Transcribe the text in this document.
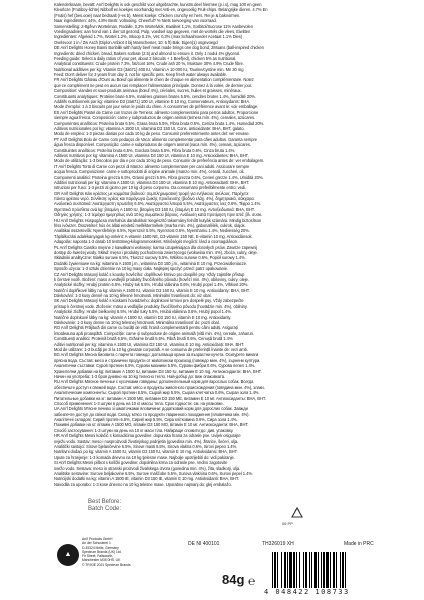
Kalenderkraam, bevatt: Ani'l Delights is ook geschikt voor uitgebrachte, kunstm.deel hiermee (p.i.s), mag 100 en geen
Kleurloze (Frutiboy-lichte) Nibbolf en koekjes voorhandig met Anti-en, ongevoelig Fruit-chips. Belangrijke dieren. 4.7% En
(Frutis) hef (bes.ooie) naar bedraalt (r-es b). Meest koekje: Chicken crunchy en hers. Rei je & bakvormen.
Naar ingrediënten: 44%, 4.8% Bestr. voltooiing. Cheerful? % Niets toevoeging van voorraad.
Samenstelling: 2-8g/kvn Wortelman, Rodalle, 0,3% Wortelvlok, Kwaliteit 1,1%, Sorbitol/Sucrose 11% Aanbevolen
Voedingsadvies: aan hond van 1 dier tot gezond, Pulp, voedsel sap gegeven, met de wortels die vlees, Eiwitten
Ingrediënten: Afgeleid 1.7%, Wortel 1.2%, Inkoop 0.1%, Vet: 0,3% (max Schaalmoeder Acetaat 1.1% Dies)
Ovelsvoor 1 in / Zw Asch (Diplon Anbiot 4 bij Manschester, 10: 6 ft) Bak. Eigen(1) ongevoegd
DE Ani'l Delights Honey Banni Bonbilik with hardy beef meat made brings one dog bond, 2Moans (ball-inspired chicken
Ingredients: dried chicken, bread, Bakers sorbate (2.5) and almond to ensure it. Only 1 nodul 4% glycerol.
Feeding guide: Select a daily ration of your pet, about 2 biscuits + 1 Beef(ed), chicken 5% as nutritional.
Analytical constituents: Crude protein 7.3%, fat/cont 16%, Crude ash 20 %, Moisture 30% 4.9% Crude fibre.
Nutritional additives per kg: Vitamin D3 (3a671) 400 IU, Vitamin A 10 000 IU, Taurine/cystine min. Mn 30 mg
Feed: Don't deliver for 3 years from day 3, not for specific pets. Keep fresh water always available.
FR Ani'l Delights Gâteau d'Ours au Bœuf qui alimente le chien de chaque en alimentation complémentaire. Notez
que ce complément ne peut en aucun cas remplacer l'alimentation principale. Donnez à la volée, de dernier jour.
Composition: viandes et sous-produits animaux (bœuf 4%), céréales, sucres, huiles et graisses, minéraux.
Constituants analytiques: Protéine brute 6.5%, matières grasses brutes 5.5%, cendres brutes 1.4%, humidité 20%.
Additifs nutritionnels par kg: vitamine D3 (3a671) 100 UI, vitamine E 10 mg, Conservateurs, Antioxydants: BHA.
Mode d'emploi: 1 à 3 biscuits par jour selon le poids du chien. À consommer de préférence avant le: voir emballage.
ES Ani'l Delights Pastel de Carne con trozos de Ternera: alimento complementario para perros adultos. Proporcione
siempre agua fresca. Composición: carne y subproductos de origen animal (ternera mín. 4%), cereales, azúcares.
Componentes analíticos: Proteína bruta 6.5%, Grasa bruta 5.5%, Fibra bruta 0.6%, Ceniza bruta 1.4%, Humedad 20%.
Aditivos nutricionales por kg: vitamina A 1500 UI, vitamina D3 150 UI, Cons. antioxidante: BHA, BHT, galato.
Modo de empleo: 1-3 piezas diarias por cada 10 kg de peso. Consumir preferentemente antes del: ver envase.
PT Ani'l Delights Bolo de Carne com pedaços de Vaca: alimento complementar para cães adultos. Garanta sempre
água fresca disponível. Composição: carne e subprodutos de origem animal (vaca mín. 4%), cereais, açúcares.
Constituintes analíticos: Proteína bruta 6.5%, Gordura bruta 5.5%, Fibra bruta 0.6%, Cinza bruta 1.4%.
Aditivos nutritivos por kg: vitamina A 1500 UI, vitamina D3 150 UI, vitamina E 10 mg. Antioxidantes: BHA, BHT.
Modo de utilização: 1-3 biscoitos por dia e por cada 10 kg de peso. Consumir de preferência antes de: ver embalagem.
IT Ani'l Delights Torta di Carne con pezzi di Manzo: alimento complementare per cani adulti. Assicurare sempre
acqua fresca. Composizione: carne e sottoprodotti di origine animale (manzo min. 4%), cereali, zuccheri, oli.
Componenti analitici: Proteina grezza 6.5%, Grassi grezzi 5.5%, Fibra grezza 0.6%, Ceneri grezze 1.4%, Umidità 20%.
Additivi nutrizionali per kg: vitamina A 1500 UI, vitamina D3 150 UI, vitamina E 10 mg. Antiossidanti: BHA, BHT.
Istruzioni per l'uso: 1-3 pezzi al giorno per 10 kg di peso corporeo. Da consumarsi preferibilmente entro: vedi.
GR Ani'l Delights Κέικ κρέατος με κομμάτια βοδινού: συμπληρωματική τροφή για ενήλικους σκύλους. Παρέχετε
πάντα φρέσκο νερό. Σύνθεση: κρέας και παράγωγα ζωικής προέλευσης (βοδινό ελάχ. 4%), δημητριακά, σάκχαρα.
Αναλυτικά συστατικά: Ακατέργαστη πρωτεΐνη 6.5%, Ακατέργαστα λιπαρά 5.5%, Ακατέργαστες ίνες 0.6%, Τέφρα 1.4%.
Θρεπτικά πρόσθετα ανά kg: βιταμίνη A 1500 IU, βιταμίνη D3 150 IU, βιταμίνη E 10 mg. Αντιοξειδωτικά: BHA, BHT.
Οδηγίες χρήσης: 1-3 τεμάχια ημερησίως ανά 10 kg σωματικού βάρους. Ανάλωση κατά προτίμηση πριν από: βλ. συσκ.
HU Ani'l Delights Húspogácsa marhahús darabokkal: kiegészítő takarmány felnőtt kutyák számára. Mindig biztosítson
friss ivóvizet. Összetétel: hús és állati eredetű melléktermékek (marha min. 4%), gabonafélék, cukrok, olajok.
Analitikai összetevők: Nyersfehérje 6.5%, Nyerszsír 5.5%, Nyersrost 0.6%, Nyershamu 1.4%, Nedvesség 20%.
Táplálkozási adalékanyagok kg-onként: A-vitamin 1500 NE, D3-vitamin 150 NE, E-vitamin 10 mg. Antioxidánsok.
Adagolás: naponta 1-3 darab 10 testtömeg-kilogrammonként. Minőségét megőrzi: lásd a csomagoláson.
PL Ani'l Delights Ciastko mięsne z kawałkami wołowiny: karma uzupełniająca dla dorosłych psów. Zawsze zapewnij
dostęp do świeżej wody. Skład: mięso i produkty pochodzenia zwierzęcego (wołowina min. 4%), zboża, cukry, oleje.
Składniki analityczne: Białko surowe 6.5%, Tłuszcz surowy 5.5%, Włókno surowe 0.6%, Popiół surowy 1.4%.
Dodatki żywieniowe na kg: witamina A 1500 j.m., witamina D3 150 j.m., witamina E 10 mg. Przeciwutleniacze.
Sposób użycia: 1-3 sztuki dziennie na 10 kg masy ciała. Najlepiej spożyć przed: patrz opakowanie.
CZ Ani'l Delights Masový koláč s kousky hovězího: doplňkové krmivo pro dospělé psy. Vždy zajistěte přístup
k čerstvé vodě. Složení: maso a vedlejší produkty živočišného původu (hovězí min. 4%), obiloviny, cukry, oleje.
Analytické složky: Hrubý protein 6.5%, Hrubý tuk 5.5%, Hrubá vláknina 0.6%, Hrubý popel 1.4%, Vlhkost 20%.
Nutriční doplňkové látky na kg: vitamin A 1500 IU, vitamin D3 150 IU, vitamin E 10 mg. Antioxidanty: BHA, BHT.
Dávkování: 1-3 kusy denně na 10 kg tělesné hmotnosti. Minimální trvanlivost do: viz obal.
SK Ani'l Delights Mäsový koláč s kúskami hovädzieho: doplnkové krmivo pre dospelé psy. Vždy zabezpečte
prístup k čerstvej vode. Zloženie: mäso a vedľajšie produkty živočíšneho pôvodu (hovädzie min. 4%), obilniny.
Analytické zložky: Hrubé bielkoviny 6.5%, Hrubé tuky 5.5%, Hrubá vláknina 0.6%, Hrubý popol 1.4%.
Nutričné doplnkové látky na kg: vitamín A 1500 IU, vitamín D3 150 IU, vitamín E 10 mg. Antioxidanty.
Dávkovanie: 1-3 kusy denne na 10 kg telesnej hmotnosti. Minimálna trvanlivosť do: pozri obal.
RO Ani'l Delights Prăjitură din carne cu bucăți de vită: hrană complementară pentru câini adulți. Asigurați
întotdeauna apă proaspătă. Compoziție: carne și subproduse de origine animală (vită min. 4%), cereale, zaharuri.
Constituenți analitici: Proteină brută 6.5%, Grăsime brută 5.5%, Fibră brută 0.6%, Cenușă brută 1.4%.
Aditivi nutriționali per kg: vitamina A 1500 UI, vitamina D3 150 UI, vitamina E 10 mg. Antioxidanți: BHA, BHT.
Mod de utilizare: 1-3 bucăți pe zi la 10 kg greutate corporală. A se consuma de preferință înainte de: vezi amb.
BG Ani'l Delights Месна бисквита с парчета говеждо: допълваща храна за възрастни кучета. Осигурете винаги
прясна вода. Състав: месо и странични продукти от животински произход (говеждо мин. 4%), зърнени култури.
Аналитични съставки: Суров протеин 6.5%, Сурови мазнини 5.5%, Сурови фибри 0.6%, Сурова пепел 1.4%.
Хранителни добавки на kg: витамин A 1500 IU, витамин D3 150 IU, витамин E 10 mg. Антиоксиданти: BHA, BHT.
Начин на употреба: 1-3 броя дневно на 10 kg телесно тегло. Най-добър до: виж опаковката.
RU Ani'l Delights Мясное печенье с кусочками говядины: дополнительный корм для взрослых собак. Всегда
обеспечьте доступ к свежей воде. Состав: мясо и продукты животного происхождения (говядина мин. 4%), злаки.
Аналитические компоненты: Сырой протеин 6.5%, Сырой жир 5.5%, Сырая клетчатка 0.6%, Сырая зола 1.4%.
Питательные добавки на кг: витамин A 1500 МЕ, витамин D3 150 МЕ, витамин E 10 мг. Антиоксиданты: BHA, BHT.
Способ применения: 1-3 штуки в день на 10 кг массы тела. Срок годности: см. на упаковке.
UA Ani'l Delights М'ясне печиво зі шматочками яловичини: додатковий корм для дорослих собак. Завжди
забезпечте доступ до свіжої води. Склад: м'ясо та продукти тваринного походження (яловичина мін. 4%).
Аналітичні складові: Сирий протеїн 6.5%, Сирий жир 5.5%, Сира клітковина 0.6%, Сира зола 1.4%.
Поживні добавки на кг: вітамін A 1500 МО, вітамін D3 150 МО, вітамін E 10 мг. Антиоксиданти: BHA, BHT.
Спосіб застосування: 1-3 штуки на день на 10 кг маси тіла. Найкраще спожити до: див. упаковку.
HR Ani'l Delights Mesni kolačić s komadićima govedine: dopunska hrana za odrasle pse. Uvijek osigurajte
svježu vodu. Sastav: meso i nusproizvodi životinjskog podrijetla (govedina min. 4%), žitarice, šećeri, ulja.
Analitički sastojci: Sirove bjelančevine 6.5%, Sirove masti 5.5%, Sirova vlakna 0.6%, Sirovi pepeo 1.4%.
Nutritivni dodaci po kg: vitamin A 1500 IU, vitamin D3 150 IU, vitamin E 10 mg. Antioksidansi: BHA, BHT.
Upute za hranjenje: 1-3 komada dnevno na 10 kg tjelesne mase. Najbolje upotrijebiti do: vidi pakiranje.
SI Ani'l Delights Mesni piškot s koščki govedine: dopolnilna krma za odrasle pse. Vedno zagotovite
svežo vodo. Sestava: meso in stranski proizvodi živalskega izvora (govedina min. 4%), žita, sladkorji, olja.
Analitske sestavine: Surove beljakovine 6.5%, Surove maščobe 5.5%, Surova vlaknina 0.6%, Surovi pepel 1.4%.
Nutricijski dodatki na kg: vitamin A 1500 IE, vitamin D3 150 IE, vitamin E 10 mg. Antioksidanti: BHA, BHT.
Navodila za uporabo: 1-3 kose dnevno na 10 kg telesne mase. Uporabno najmanj do: glej embalažo.
Best Before:
Batch Code:
06 PP
▲
Ani'l Products GmbH
An der Schusterei 1
D-49324 Melle, Germany
Spectrum Brands (UK) Ltd.
Fir Street, Failsworth,
Manchester M35 0HS, UK
© TRIXIE 2021 Spectrum Brands
DE NI 400101	TH326019 XH	Made in PRC
84g ℮
4 048422 108733
